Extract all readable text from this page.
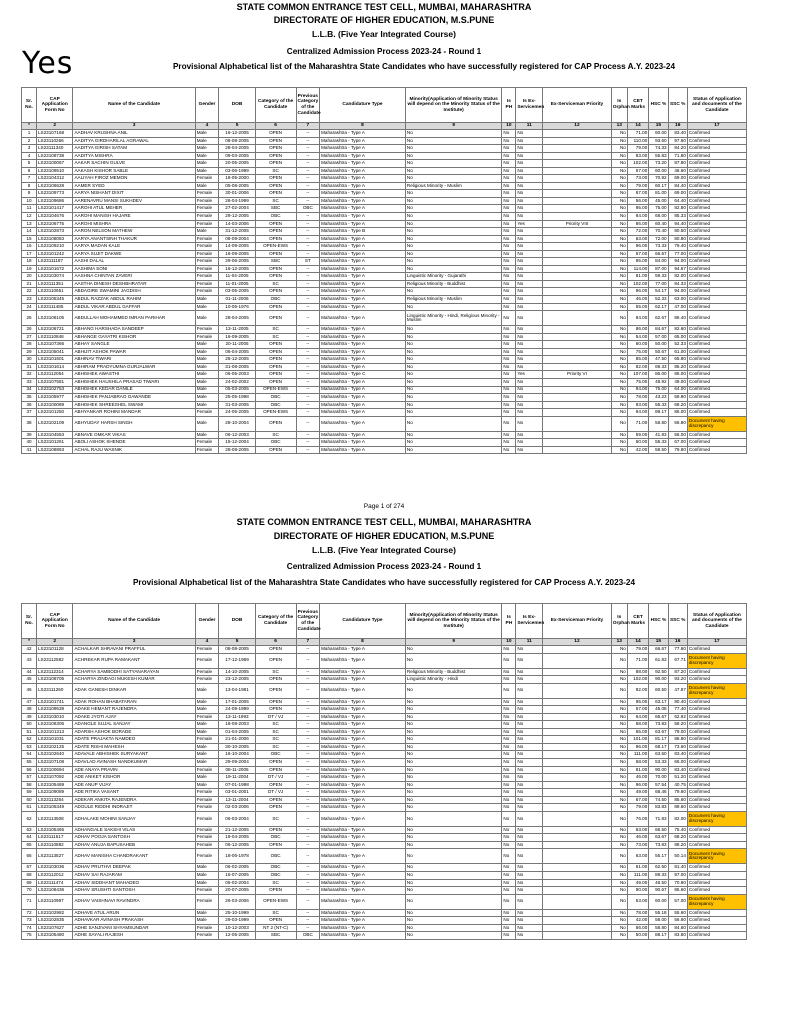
STATE COMMON ENTRANCE TEST CELL, MUMBAI, MAHARASHTRA
DIRECTORATE OF HIGHER EDUCATION, M.S.PUNE
L.L.B. (Five Year Integrated Course)
Centralized Admission Process 2023-24 - Round 1
Yes	Provisional Alphabetical list of the Maharashtra State Candidates who have successfully registered for CAP Process A.Y. 2023-24
Sr. No.	CAP Application Form No	Name of the Candidate	Gender	DOB	Category of the Candidate	Previous Category of the Candidate	Candidature Type	Minority(Application of Minority Status will depend on the Minority Status of the Institute)	Is PH	Is Ex-Servicemen	Ex-Serviceman Priority	Is Orphan	CET Marks	HSC %	SSC %	Status of Application and documents of the Candidate
*	2	3	4	5	6	7	8	9	10	11	12	13	14	15	16	17
1	LS23107168	AADHAV KRUSHNA ANIL	Male	16-12-2005	OPEN	--	Maharashtra - Type A	No	No	No		No	71.00	60.00	83.40	Confirmed
2	LS23110266	AADITYA GIRDHARILAL AGRAWAL	Male	08-08-2005	OPEN	--	Maharashtra - Type A	No	No	No		No	110.00	93.60	97.60	Confirmed
3	LS23111340	AADITYA GIRISH SATAM	Male	28-04-2005	OPEN	--	Maharashtra - Type A	No	No	No		No	79.00	74.33	84.20	Confirmed
4	LS23108738	AADITYA MISHRA	Male	09-03-2005	OPEN	--	Maharashtra - Type A	No	No	No		No	83.00	55.83	71.80	Confirmed
5	LS23100067	AAKAR SACHIN GULVE	Male	20-05-2005	OPEN	--	Maharashtra - Type A	No	No	No		No	102.00	73.20	87.80	Confirmed
6	LS23109510	AAKASH KISHOR SABLE	Male	03-06-1999	SC	--	Maharashtra - Type A	No	No	No		No	57.00	60.00	46.60	Confirmed
7	LS23104312	AALIYAH FIROZ MEMON	Female	18-05-2000	OPEN	--	Maharashtra - Type A	No	No	No		No	73.00	70.92	69.00	Confirmed
8	LS23106628	AAMER SYED	Male	05-08-2005	OPEN	--	Maharashtra - Type A	Religious Minority - Muslim	No	No		No	79.00	60.17	84.40	Confirmed
9	LS23109773	AARYA NISHANT DIXIT	Female	30-01-2006	OPEN	--	Maharashtra - Type A	No	No	No		No	67.00	81.00	69.00	Confirmed
10	LS23109686	AARENAVRU MANSI SUKHDEV	Female	26-04-1999	SC	--	Maharashtra - Type A	No	No	No		No	56.00	45.00	64.40	Confirmed
11	LS23101417	AAROHI ATUL MEHER	Female	27-02-2004	SBC	OBC	Maharashtra - Type A	No	No	No		No	95.00	75.00	82.80	Confirmed
12	LS23104676	AAROHI MANISH HAJARE	Female	29-12-2005	OBC	--	Maharashtra - Type A	No	No	No		No	84.00	68.00	85.33	Confirmed
13	LS23106775	AAROHI MISHRA	Female	14-03-2006	OPEN	--	Maharashtra - Type A	No	No	Yes	Priority VIII	No	86.00	60.40	94.40	Confirmed
14	LS23102873	AARON NELSON MATHEW	Male	31-12-2005	OPEN	--	Maharashtra - Type B	No	No	No		No	72.00	70.40	80.50	Confirmed
15	LS23108083	AARYA ANANTSINH THAKUR	Female	08-09-2004	OPEN	--	Maharashtra - Type A	No	No	No		No	63.00	72.00	80.80	Confirmed
16	LS23109210	AARYA MADAN KALE	Female	14-09-2005	OPEN-EWS	--	Maharashtra - Type A	No	No	No		No	96.00	73.33	79.40	Confirmed
17	LS23101242	AARYA SUJIT DAKWE	Female	16-09-2005	OPEN	--	Maharashtra - Type A	No	No	No		No	57.00	66.67	77.00	Confirmed
18	LS23111187	AASHI DALAL	Female	29-06-2005	SBC	ST	Maharashtra - Type A	No	No	No		No	95.00	84.00	94.00	Confirmed
19	LS23101672	AASHIMA SONI	Female	16-12-2005	OPEN	--	Maharashtra - Type A	No	No	No		No	114.00	87.00	94.67	Confirmed
20	LS23103074	AASHNA CHINTAN ZAVERI	Female	11-04-2005	OPEN	--	Maharashtra - Type A	Linguistic Minority - Gujarathi	No	No		No	81.00	59.33	82.00	Confirmed
21	LS23111351	AASTHA DINESH DESHBHRATAR	Female	11-01-2005	SC	--	Maharashtra - Type A	Religious Minority - Buddhist	No	No		No	102.00	77.00	84.33	Confirmed
22	LS23110651	ABDAGIRE SWAMINI JAGDISH	Female	03-05-2005	OPEN	--	Maharashtra - Type A	No	No	No		No	96.00	54.17	94.00	Confirmed
23	LS23105345	ABDUL RAZZAK ABDUL RAHIM	Male	01-11-2006	OBC	--	Maharashtra - Type A	Religious Minority - Muslim	No	No		No	46.00	52.33	63.00	Confirmed
24	LS23111485	ABDUL VIKAR ABDUL GAFFAR	Male	10-05-1976	OPEN	--	Maharashtra - Type A	No	No	No		No	55.00	62.17	47.00	Confirmed
25	LS23106105	ABDULLAH MOHAMMED IMRAN PARIHAR	Male	28-04-2005	OPEN	--	Maharashtra - Type A	Linguistic Minority - Hindi, Religious Minority - Muslim	No	No		No	84.00	62.67	86.40	Confirmed
26	LS23106721	ABHANG HARSHADA SANDEEP	Female	13-11-2005	SC	--	Maharashtra - Type A	No	No	No		No	86.00	84.67	82.60	Confirmed
27	LS23110848	ABHANGE GAYATRI KISHOR	Female	16-09-2005	SC	--	Maharashtra - Type A	No	No	No		No	54.00	57.00	65.00	Confirmed
28	LS23107366	ABHAY SANGLE	Male	20-11-2005	OPEN	--	Maharashtra - Type A	No	No	No		No	60.00	50.00	52.33	Confirmed
29	LS23105041	ABHIJIT ASHOK PAWAR	Male	06-04-2005	OPEN	--	Maharashtra - Type A	No	No	No		No	75.00	50.67	61.00	Confirmed
30	LS23101601	ABHINAV TIWARI	Male	28-12-2005	OPEN	--	Maharashtra - Type A	No	No	No		No	85.00	47.50	65.80	Confirmed
31	LS23101614	ABHIRAM PRADYUMNA GURJALWAR	Male	31-08-2005	OPEN	--	Maharashtra - Type A	No	No	No		No	82.00	69.33	85.20	Confirmed
32	LS23112054	ABHISHEK AWASTHI	Male	06-05-2003	OPEN	--	Maharashtra - Type C	No	No	Yes	Priority VI	No	107.00	86.00	85.00	Confirmed
33	LS23107581	ABHISHEK HAUSHILA PRASAD TIWARI	Male	24-02-2002	OPEN	--	Maharashtra - Type A	No	No	No		No	75.00	48.92	49.00	Confirmed
34	LS23102753	ABHISHEK KEDAR DANILE	Male	05-03-2005	OPEN-EWS	--	Maharashtra - Type A	No	No	No		No	94.00	75.00	64.00	Confirmed
35	LS23105977	ABHISHEK PANJABRAO GAWANDE	Male	25-05-1998	OBC	--	Maharashtra - Type A	No	No	No		No	78.00	43.23	58.80	Confirmed
36	LS23100089	ABHISHEK SHREESHEL SWAMI	Male	31-03-2005	OBC	--	Maharashtra - Type A	No	No	No		No	93.00	55.33	68.20	Confirmed
37	LS23101250	ABHYANKAR ROHINI MANDAR	Female	24-05-2005	OPEN-EWS	--	Maharashtra - Type A	No	No	No		No	94.00	89.17	86.00	Confirmed
38	LS23102109	ABHYUDAY HARSH SINGH	Male	28-10-2004	OPEN	--	Maharashtra - Type A	No	No	No		No	71.00	56.80	66.80	Document having discrepancy
39	LS23104553	ABNAVE OMKAR VIKAS	Male	06-12-2003	SC	--	Maharashtra - Type A	No	No	No		No	59.00	41.83	56.00	Confirmed
40	LS23101261	ABOLI ASHOK SHENDE	Female	15-12-2004	OBC	--	Maharashtra - Type A	No	No	No		No	60.00	55.33	67.00	Confirmed
41	LS23108863	ACHAL RAJU WASNIK	Female	28-08-2005	OPEN	--	Maharashtra - Type A	No	No	No		No	42.00	58.50	79.80	Confirmed
Page 1 of 274
STATE COMMON ENTRANCE TEST CELL, MUMBAI, MAHARASHTRA
DIRECTORATE OF HIGHER EDUCATION, M.S.PUNE
L.L.B. (Five Year Integrated Course)
Centralized Admission Process 2023-24 - Round 1
Provisional Alphabetical list of the Maharashtra State Candidates who have successfully registered for CAP Process A.Y. 2023-24
Sr. No.	CAP Application Form No	Name of the Candidate	Gender	DOB	Category of the Candidate	Previous Category of the Candidate	Candidature Type	Minority(Application of Minority Status will depend on the Minority Status of the Institute)	Is PH	Is Ex-Servicemen	Ex-Serviceman Priority	Is Orphan	CET Marks	HSC %	SSC %	Status of Application and documents of the Candidate
*	2	3	4	5	6	7	8	9	10	11	12	13	14	15	16	17
42	LS23101128	ACHALKAR SHRAVANI PRAFFUL	Female	08-08-2005	OPEN	--	Maharashtra - Type A	No	No	No		No	79.00	66.67	77.60	Confirmed
43	LS23112582	ACHREKAR RUPA RAMAKANT	Female	17-12-1969	OPEN	--	Maharashtra - Type A	No	No	No		No	71.00	61.83	67.71	Document having discrepancy
44	LS23112314	ACHARYA SAMBODHI SATYANARAYAN	Female	14-10-2005	SC	--	Maharashtra - Type A	Religious Minority - Buddhist	No	No		No	88.00	92.50	87.20	Confirmed
45	LS23108705	ACHARYA ZINDAGI MUKESH KUMAR	Female	23-12-2005	OPEN	--	Maharashtra - Type A	Linguistic Minority - Hindi	No	No		No	102.00	90.00	93.20	Confirmed
46	LS23111260	ADAK GANESH DINKAR	Male	13-04-1981	OPEN	--	Maharashtra - Type A	No	No	No		No	82.00	60.50	47.87	Document having discrepancy
47	LS23101741	ADAK ROHAN BHABATARAN	Male	17-01-2005	OPEN	--	Maharashtra - Type A	No	No	No		No	95.00	63.17	80.40	Confirmed
48	LS23109539	ADAKE HEMANT RAJENDRA	Male	24-09-1999	OPEN	--	Maharashtra - Type A	No	No	No		No	57.00	45.08	77.40	Confirmed
49	LS23103010	ADAKE JYOTI AJAY	Female	13-11-1993	DT / VJ	--	Maharashtra - Type A	No	No	No		No	64.00	65.67	62.92	Confirmed
50	LS23106306	ADANGLE SUJAL SANJAY	Male	18-08-2003	SC	--	Maharashtra - Type A	No	No	No		No	68.00	73.83	58.20	Confirmed
51	LS23101313	ADARSH ASHOK BORADE	Male	01-04-2005	SC	--	Maharashtra - Type A	No	No	No		No	65.00	63.67	79.00	Confirmed
52	LS23101031	ADATE PRAJAKTA NAMDEO	Female	21-01-2006	SC	--	Maharashtra - Type A	No	No	No		No	101.00	81.17	86.80	Confirmed
53	LS23102125	ADATE RISHI MAHESH	Male	30-10-2005	SC	--	Maharashtra - Type A	No	No	No		No	96.00	68.17	73.60	Confirmed
54	LS23102640	ADAVALE ABHISHEK SURYAKANT	Male	16-10-2004	OBC	--	Maharashtra - Type A	No	No	No		No	111.00	63.50	83.40	Confirmed
55	LS23107108	ADAVLAD AVINASH NANDKUMAR	Male	29-09-2004	OPEN	--	Maharashtra - Type A	No	No	No		No	68.00	53.33	66.00	Confirmed
56	LS23100694	ADE ANAYA PRAVIN	Female	08-11-2005	OPEN	--	Maharashtra - Type A	No	No	No		No	81.00	90.00	83.40	Confirmed
57	LS23107092	ADE ANIKET KISHOR	Male	19-11-2004	DT / VJ	--	Maharashtra - Type A	No	No	No		No	46.00	70.00	51.20	Confirmed
58	LS23105469	ADE ANUP VIJAY	Male	07-01-1998	OPEN	--	Maharashtra - Type A	No	No	No		No	96.00	57.54	40.75	Confirmed
59	LS23109089	ADE RITIKA VASANT	Female	03-01-2001	DT / VJ	--	Maharashtra - Type A	No	No	No		No	49.00	68.46	79.60	Confirmed
60	LS23113264	ADEKAR ANKITA RAJENDRA	Female	13-11-2004	OPEN	--	Maharashtra - Type A	No	No	No		No	67.00	74.50	85.60	Confirmed
61	LS23105349	ADGULE RIDDHI INDRAJIT	Female	02-03-2006	OPEN	--	Maharashtra - Type A	No	No	No		No	79.00	83.83	89.60	Confirmed
62	LS23113508	ADHALAKE MOHINI SANJAY	Female	06-03-2004	SC	--	Maharashtra - Type A	No	No	No		No	76.00	71.83	82.00	Document having discrepancy
63	LS23105465	ADHANGALE SAKSHI VILAS	Female	21-12-2005	OPEN	--	Maharashtra - Type A	No	No	No		No	63.00	66.50	75.40	Confirmed
64	LS23111517	ADHAV POOJA SANTOSH	Female	19-04-2005	OBC	--	Maharashtra - Type A	No	No	No		No	46.00	63.67	68.20	Confirmed
65	LS23110882	ADHAV ANUJA BAPUSAHEB	Female	06-12-2005	OPEN	--	Maharashtra - Type A	No	No	No		No	73.00	73.83	88.20	Confirmed
66	LS23113527	ADHAV MANISHA CHANDRAKANT	Female	18-06-1978	OBC	--	Maharashtra - Type A	No	No	No		No	63.00	55.17	50.14	Document having discrepancy
67	LS23103036	ADHAV PRUTHVI DEEPAK	Male	06-02-2005	OBC	--	Maharashtra - Type A	No	No	No		No	61.00	62.50	81.40	Confirmed
68	LS23112012	ADHAV SAI RAJARAM	Male	15-07-2005	OBC	--	Maharashtra - Type A	No	No	No		No	111.00	89.33	97.00	Confirmed
69	LS23111474	ADHAV SIDDHANT MAHADEO	Male	05-02-2004	SC	--	Maharashtra - Type A	No	No	No		No	49.00	46.50	70.80	Confirmed
70	LS23108436	ADHAV SRUSHTI SANTOSH	Female	20-07-2005	OPEN	--	Maharashtra - Type A	No	No	No		No	90.00	90.67	85.60	Confirmed
71	LS23110997	ADHAV VAISHNAVI RAVINDRA	Female	26-03-2006	OPEN-EWS	--	Maharashtra - Type A	No	No	No		No	53.00	60.00	57.00	Document having discrepancy
72	LS23102982	ADHAVE ATUL ARUN	Male	25-10-1999	SC	--	Maharashtra - Type A	No	No	No		No	78.00	55.18	55.60	Confirmed
73	LS23102835	ADHAVKAR AVINASH PRAKASH	Male	29-03-1999	OPEN	--	Maharashtra - Type A	No	No	No		No	42.00	58.00	56.60	Confirmed
74	LS23107627	ADHE SANJIVANI SHYAMSUNDAR	Female	10-12-2003	NT 2 (NT-C)	--	Maharashtra - Type A	No	No	No		No	56.00	58.80	84.60	Confirmed
75	LS23105480	ADHE SAYALI RAJESH	Female	12-05-2005	SBC	OBC	Maharashtra - Type A	No	No	No		No	50.00	88.17	83.80	Confirmed
